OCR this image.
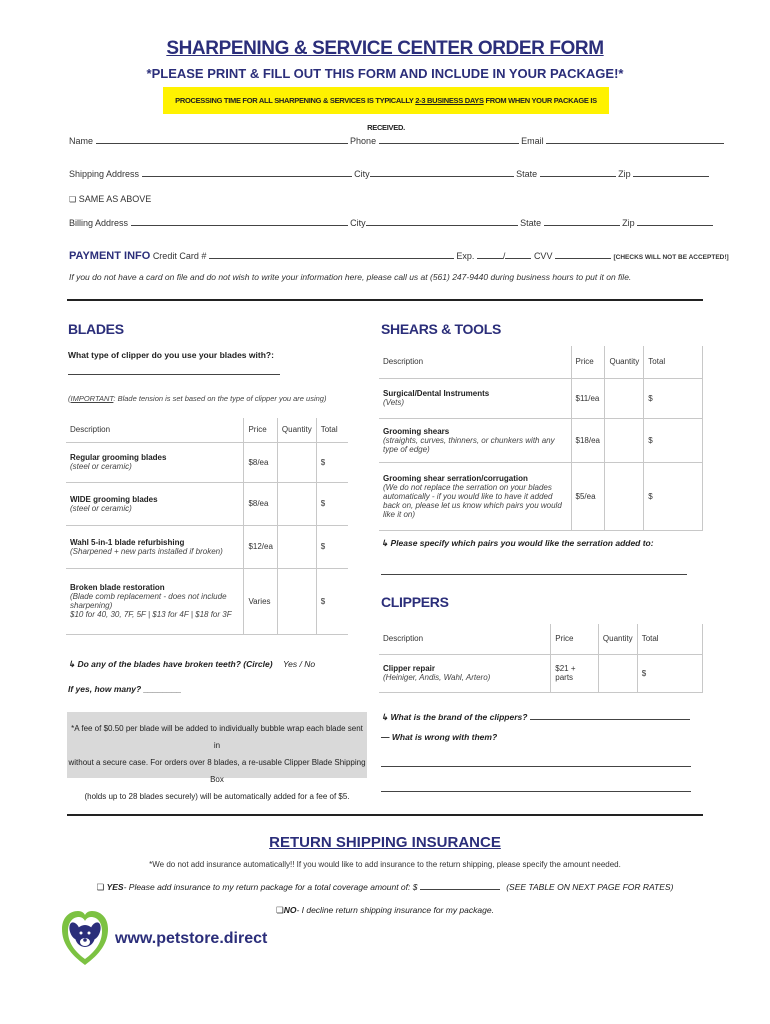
SHARPENING & SERVICE CENTER ORDER FORM
*PLEASE PRINT & FILL OUT THIS FORM AND INCLUDE IN YOUR PACKAGE!*
PROCESSING TIME FOR ALL SHARPENING & SERVICES IS TYPICALLY 2-3 BUSINESS DAYS FROM WHEN YOUR PACKAGE IS RECEIVED.
Name	Phone	Email
Shipping Address	City	State	Zip
❏ SAME AS ABOVE
Billing Address	City	State	Zip
PAYMENT INFO Credit Card #	Exp.	/	CVV	[CHECKS WILL NOT BE ACCEPTED!]
If you do not have a card on file and do not wish to write your information here, please call us at (561) 247-9440 during business hours to put it on file.
BLADES
What type of clipper do you use your blades with?:
(IMPORTANT: Blade tension is set based on the type of clipper you are using)
Description	Price	Quantity	Total

Regular grooming blades
(steel or ceramic)	$8/ea		$

WIDE grooming blades
(steel or ceramic)	$8/ea		$

Wahl 5-in-1 blade refurbishing
(Sharpened + new parts installed if broken)	$12/ea		$

Broken blade restoration
(Blade comb replacement - does not include sharpening)
$10 for 40, 30, 7F, 5F | $13 for 4F | $18 for 3F	Varies		$
↳ Do any of the blades have broken teeth? (Circle) Yes / No
If yes, how many? ________
*A fee of $0.50 per blade will be added to individually bubble wrap each blade sent in
without a secure case. For orders over 8 blades, a re-usable Clipper Blade Shipping Box
(holds up to 28 blades securely) will be automatically added for a fee of $5.
SHEARS & TOOLS
Description	Price	Quantity	Total

Surgical/Dental Instruments
(Vets)	$11/ea		$

Grooming shears
(straights, curves, thinners, or chunkers with any type of edge)	$18/ea		$

Grooming shear serration/corrugation
(We do not replace the serration on your blades automatically - if you would like to have it added back on, please let us know which pairs you would like it on)	$5/ea		$
↳ Please specify which pairs you would like the serration added to:
CLIPPERS
Description	Price	Quantity	Total

Clipper repair
(Heiniger, Andis, Wahl, Artero)	$21 + parts		$
↳ What is the brand of the clippers?
— What is wrong with them?
RETURN SHIPPING INSURANCE
*We do not add insurance automatically!! If you would like to add insurance to the return shipping, please specify the amount needed.
❏ YES- Please add insurance to my return package for a total coverage amount of: $	(SEE TABLE ON NEXT PAGE FOR RATES)
❏NO- I decline return shipping insurance for my package.
www.petstore.direct
